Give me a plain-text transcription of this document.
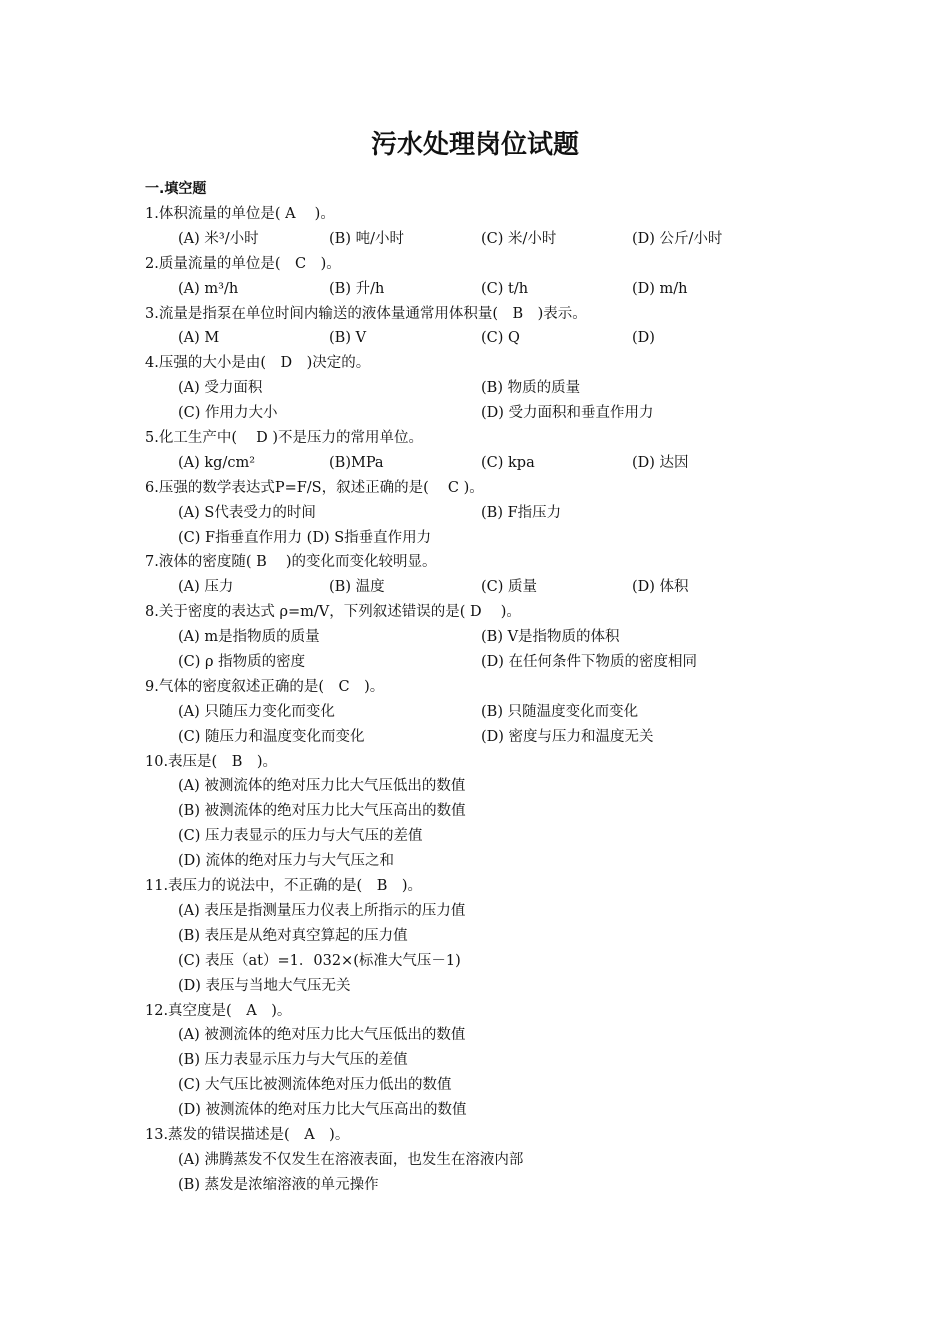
污水处理岗位试题
一.填空题
1.体积流量的单位是( A　 )。
(A) 米³/小时	(B) 吨/小时	(C) 米/小时	(D) 公斤/小时
2.质量流量的单位是(　C　)。
(A) m³/h	(B) 升/h	(C) t/h	(D) m/h
3.流量是指泵在单位时间内输送的液体量通常用体积量(　B　)表示。
(A) M	(B) V	(C) Q	(D)
4.压强的大小是由(　D　)决定的。
(A) 受力面积	(B) 物质的质量
(C) 作用力大小	(D) 受力面积和垂直作用力
5.化工生产中(　 D )不是压力的常用单位。
(A) kg/cm²	(B)MPa	(C) kpa	(D) 达因
6.压强的数学表达式P=F/S，叙述正确的是(　 C )。
(A) S代表受力的时间	(B) F指压力
(C) F指垂直作用力 (D) S指垂直作用力
7.液体的密度随( B　 )的变化而变化较明显。
(A) 压力	(B) 温度	(C) 质量	(D) 体积
8.关于密度的表达式 ρ=m/V，下列叙述错误的是( D　 )。
(A) m是指物质的质量	(B) V是指物质的体积
(C) ρ 指物质的密度	(D) 在任何条件下物质的密度相同
9.气体的密度叙述正确的是(　C　)。
(A) 只随压力变化而变化	(B) 只随温度变化而变化
(C) 随压力和温度变化而变化	(D) 密度与压力和温度无关
10.表压是(　B　)。
(A) 被测流体的绝对压力比大气压低出的数值
(B) 被测流体的绝对压力比大气压高出的数值
(C) 压力表显示的压力与大气压的差值
(D) 流体的绝对压力与大气压之和
11.表压力的说法中，不正确的是(　B　)。
(A) 表压是指测量压力仪表上所指示的压力值
(B) 表压是从绝对真空算起的压力值
(C) 表压（at）=1．032×(标准大气压－1)
(D) 表压与当地大气压无关
12.真空度是(　A　)。
(A) 被测流体的绝对压力比大气压低出的数值
(B) 压力表显示压力与大气压的差值
(C) 大气压比被测流体绝对压力低出的数值
(D) 被测流体的绝对压力比大气压高出的数值
13.蒸发的错误描述是(　A　)。
(A) 沸腾蒸发不仅发生在溶液表面，也发生在溶液内部
(B) 蒸发是浓缩溶液的单元操作
